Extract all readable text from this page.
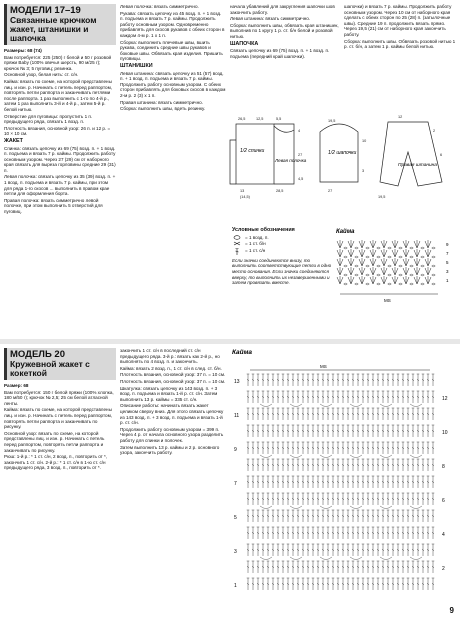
МОДЕЛИ 17–19
Связанные крючком жакет, штанишки и шапочка

Размеры: 68 (74)

Вам потребуется: 225 (250) г белой и 50 г розовой пряжи Baby (100% овечья шерсть, 90 м/25 г); крючок № 3; 5 пуговиц; резинка.

Основной узор, белая нить: ст. с/н.

Кайма: вязать по схеме, на которой представлены лиц. и изн. р. Начинать с петель перед раппортом, повторять петли раппорта и заканчивать петлями после раппорта. 1 раз выполнить с 1-го по 4-й р., затем 1 раз выполнить 3-й и 4-й р., затем 5-й р. белой нитью.

Отверстие для пуговицы: пропустить 1 п. предыдущего ряда, связать 1 возд. п.

Плотность вязания, основной узор: 26 п. и 12 р. = 10 × 10 см.

ЖАКЕТ

Спинка: связать цепочку из 69 (75) возд. п. + 1 возд. п. подъема и вязать 7 р. каймы. Продолжить работу основным узором. Через 27 (29) см от наборного края связать для выреза горловины средние 29 (31) п.

Левая полочка: связать цепочку из 35 (39) возд. п. + 1 возд. п. подъема и вязать 7 р. каймы, при этом для ряда 1-го скосов ... выполнить в правом крае петли для оформления борта.

Правая полочка: вязать симметрично левой полочке, при этом выполнить 5 отверстий для пуговиц.

Левая полочка: вязать симметрично.

Рукава: связать цепочку из 45 возд. п. + 1 возд. п. подъема и вязать 7 р. каймы. Продолжить работу основным узором. Одновременно прибавлять для скосов рукавов с обеих сторон в каждом 4-м р. 1 х 1 п.

Сборка: выполнить плечевые швы, вшить рукава, соединить средние швы рукавов и боковые швы. Обвязать края изделия. Пришить пуговицы.

ШТАНИШКИ

Левая штанина: связать цепочку из 51 (57) возд. п. + 1 возд. п. подъема и вязать 7 р. каймы. Продолжить работу основным узором. С обеих сторон прибавлять для боковых скосов в каждом 2-м р. 2 (3) х 1 п.

Правая штанина: вязать симметрично.

Сборка: выполнить швы, вдеть резинку.

начала убавлений для закругления шапочки шов закончить работу.

Левая штанина: вязать симметрично.

Сборка: выполнить швы, обвязать края штанишек, выполнив по 1 кругу 1 р. ст. б/н белой и розовой нитью.

ШАПОЧКА

Связать цепочку из 69 (75) возд. п. + 1 возд. п. подъема (передний край шапочки).

шапочки) и вязать 7 р. каймы. Продолжить работу основным узором. Через 10 см от наборного края сделать с обеих сторон по 25 (28) п. (затылочные швы). Средние 19 п. продолжить вязать прямо. Через 19,5 (21) см от наборного края закончить работу.

Сборка: выполнить швы. Обвязать розовой нитью 1 р. ст. б/н, а затем 1 р. каймы белой нитью.

1/2 спинки
Левая полочка
26,5	12,5	5,5
4
27
4,5
13
(14,5)
28,5
1/2 шапочки
19,5
10
3
27
Правая штанина
12
2
6
19,5
Условные обозначения
= 1 возд. п.
= 1 ст. б/н
= 1 ст. с/н

Если значки соединяются внизу, то выполнить соответствующие петли в одно место основания. Если значки соединяются вверху, то выполнить их незавершенными и затем провязать вместе.

Кайма
9
7
5
3
1
МS
МОДЕЛЬ 20
Кружевной жакет с кокеткой

Размер: 68

Вам потребуется: 150 г белой пряжи (100% хлопка, 180 м/50 г); крючок № 2,5; 25 см белой атласной ленты.

Кайма: вязать по схеме, на которой представлены лиц. и изн. р. Начинать с петель перед раппортом, повторять петли раппорта и заканчивать по рисунку.

Основной узор: вязать по схеме, на которой представлены лиц. и изн. р. Начинать с петель перед раппортом, повторять петли раппорта и заканчивать по рисунку.

Рюш: 1-й р.: * 1 ст. с/н, 2 возд. п., повторить от *, закончить 1 ст. с/н. 2-й р.: * 1 ст. с/н в 1-ю ст. с/н предыдущего ряда, 3 возд. п., повторить от *.

закончить 1 ст. с/н в последний ст. с/н предыдущего ряда. 3-й р.: вязать как 2-й р., но выполнять по 4 возд. п. и закончить.

Кайма: вязать 2 возд. п., 1 ст. с/н в след. ст. б/н.

Плотность вязания, основной узор: 37 п. = 10 см.

Плотность вязания, основной узор: 37 п. = 10 см.

Шкатулка: связать цепочку из 143 возд. п. + 3 возд. п. подъема и вязать 1-й р. ст. с/н. Затем выполнить 13 р. каймы = 335 ст. с/н.

Описание работы: начинать вязать жакет целиком сверху вниз. Для этого связать цепочку из 143 возд. п. + 3 возд. п. подъема и вязать 1-й р. ст. с/н.

Продолжить работу основным узором = 399 п. Через 4 р. от начала основного узора разделить работу для спинки и полочек.

Затем выполнить 13 р. каймы и 2 р. основного узора, закончить работу.

Кайма
МS
13
12
11
10
9
8
7
6
5
4
3
2
1
9
